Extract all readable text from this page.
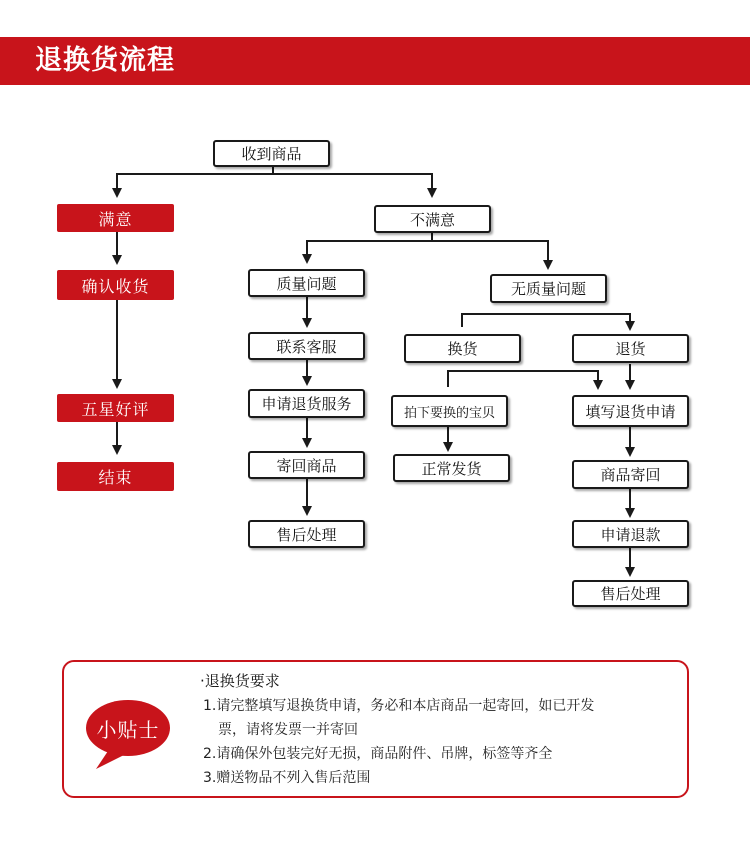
退换货流程
收到商品
满意
确认收货
五星好评
结束
不满意
质量问题
联系客服
申请退货服务
寄回商品
售后处理
无质量问题
换货	退货
拍下要换的宝贝
正常发货
填写退货申请
商品寄回
申请退款
售后处理
小贴士
·退换货要求
1.请完整填写退换货申请，务必和本店商品一起寄回，如已开发
票，请将发票一并寄回
2.请确保外包装完好无损，商品附件、吊牌，标签等齐全
3.赠送物品不列入售后范围
